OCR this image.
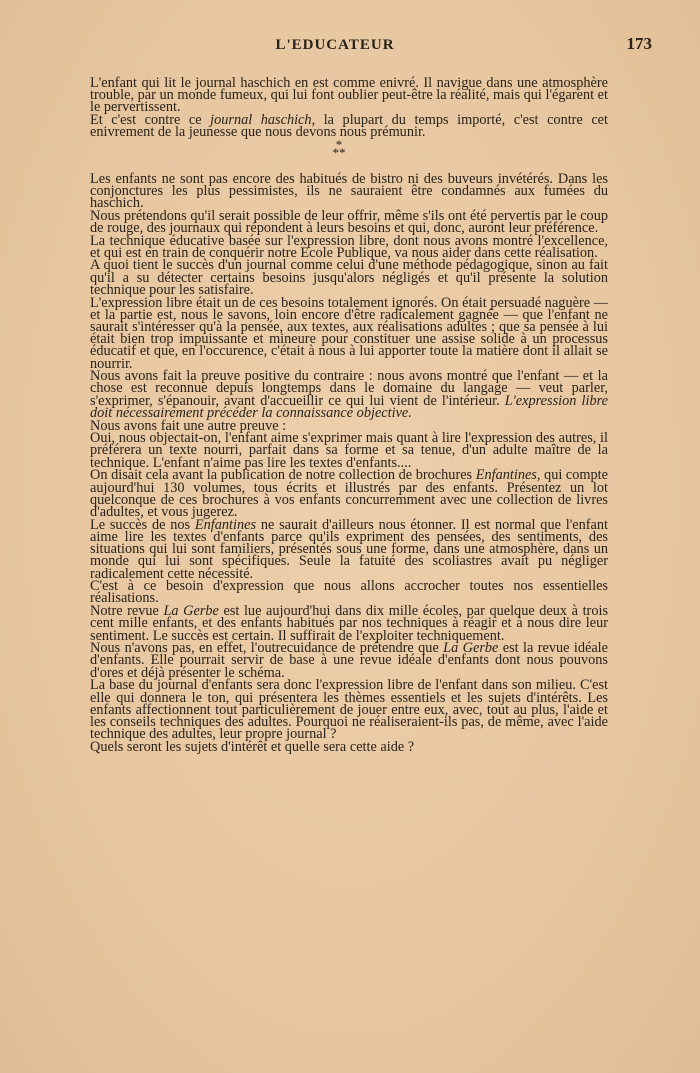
L'EDUCATEUR	173

L'enfant qui lit le journal haschich en est comme enivré. Il navigue dans une atmosphère trouble, par un monde fumeux, qui lui font oublier peut-être la réalité, mais qui l'égarent et le pervertissent.

Et c'est contre ce journal haschich, la plupart du temps importé, c'est contre cet enivrement de la jeunesse que nous devons nous prémunir.

*
**

Les enfants ne sont pas encore des habitués de bistro ni des buveurs invétérés. Dans les conjonctures les plus pessimistes, ils ne sauraient être condamnés aux fumées du haschich.

Nous prétendons qu'il serait possible de leur offrir, même s'ils ont été pervertis par le coup de rouge, des journaux qui répondent à leurs besoins et qui, donc, auront leur préférence.

La technique éducative basée sur l'expression libre, dont nous avons montré l'excellence, et qui est en train de conquérir notre Ecole Publique, va nous aider dans cette réalisation.

A quoi tient le succès d'un journal comme celui d'une méthode pédagogique, sinon au fait qu'il a su détecter certains besoins jusqu'alors négligés et qu'il présente la solution technique pour les satisfaire.

L'expression libre était un de ces besoins totalement ignorés. On était persuadé naguère — et la partie est, nous le savons, loin encore d'être radicalement gagnée — que l'enfant ne saurait s'intéresser qu'à la pensée, aux textes, aux réalisations adultes ; que sa pensée à lui était bien trop impuissante et mineure pour constituer une assise solide à un processus éducatif et que, en l'occurence, c'était à nous à lui apporter toute la matière dont il allait se nourrir.

Nous avons fait la preuve positive du contraire : nous avons montré que l'enfant — et la chose est reconnue depuis longtemps dans le domaine du langage — veut parler, s'exprimer, s'épanouir, avant d'accueillir ce qui lui vient de l'intérieur. L'expression libre doit nécessairement précéder la connaissance objective.

Nous avons fait une autre preuve :

Oui, nous objectait-on, l'enfant aime s'exprimer mais quant à lire l'expression des autres, il préférera un texte nourri, parfait dans sa forme et sa tenue, d'un adulte maître de la technique. L'enfant n'aime pas lire les textes d'enfants....

On disait cela avant la publication de notre collection de brochures Enfantines, qui compte aujourd'hui 130 volumes, tous écrits et illustrés par des enfants. Présentez un lot quelconque de ces brochures à vos enfants concurremment avec une collection de livres d'adultes, et vous jugerez.

Le succès de nos Enfantines ne saurait d'ailleurs nous étonner. Il est normal que l'enfant aime lire les textes d'enfants parce qu'ils expriment des pensées, des sentiments, des situations qui lui sont familiers, présentés sous une forme, dans une atmosphère, dans un monde qui lui sont spécifiques. Seule la fatuité des scoliastres avait pu négliger radicalement cette nécessité.

C'est à ce besoin d'expression que nous allons accrocher toutes nos essentielles réalisations.

Notre revue La Gerbe est lue aujourd'hui dans dix mille écoles, par quelque deux à trois cent mille enfants, et des enfants habitués par nos techniques à réagir et à nous dire leur sentiment. Le succès est certain. Il suffirait de l'exploiter techniquement.

Nous n'avons pas, en effet, l'outrecuidance de prétendre que La Gerbe est la revue idéale d'enfants. Elle pourrait servir de base à une revue idéale d'enfants dont nous pouvons d'ores et déjà présenter le schéma.

La base du journal d'enfants sera donc l'expression libre de l'enfant dans son milieu. C'est elle qui donnera le ton, qui présentera les thèmes essentiels et les sujets d'intérêts. Les enfants affectionnent tout particulièrement de jouer entre eux, avec, tout au plus, l'aide et les conseils techniques des adultes. Pourquoi ne réaliseraient-ils pas, de même, avec l'aide technique des adultes, leur propre journal ?

Quels seront les sujets d'intérêt et quelle sera cette aide ?
